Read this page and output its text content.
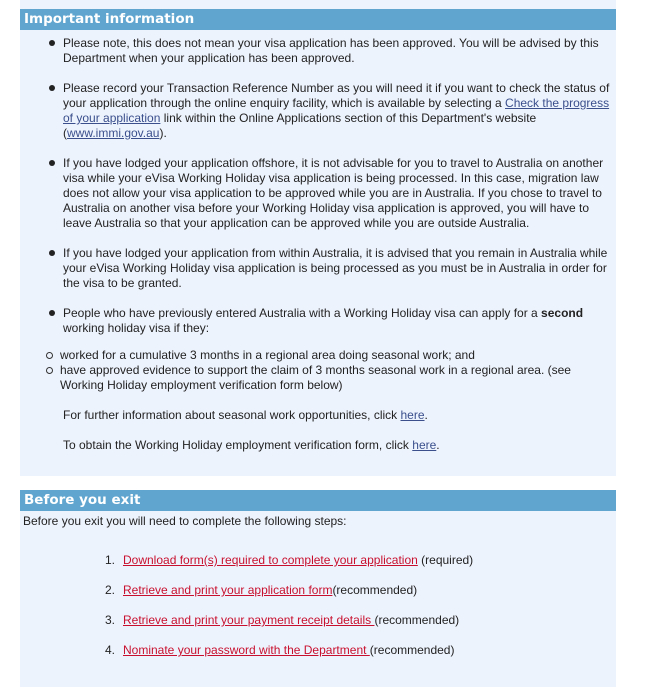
Important information
Please note, this does not mean your visa application has been approved. You will be advised by this Department when your application has been approved.
Please record your Transaction Reference Number as you will need it if you want to check the status of your application through the online enquiry facility, which is available by selecting a Check the progress of your application link within the Online Applications section of this Department's website (www.immi.gov.au).
If you have lodged your application offshore, it is not advisable for you to travel to Australia on another visa while your eVisa Working Holiday visa application is being processed. In this case, migration law does not allow your visa application to be approved while you are in Australia. If you chose to travel to Australia on another visa before your Working Holiday visa application is approved, you will have to leave Australia so that your application can be approved while you are outside Australia.
If you have lodged your application from within Australia, it is advised that you remain in Australia while your eVisa Working Holiday visa application is being processed as you must be in Australia in order for the visa to be granted.
People who have previously entered Australia with a Working Holiday visa can apply for a second working holiday visa if they:
worked for a cumulative 3 months in a regional area doing seasonal work; and
have approved evidence to support the claim of 3 months seasonal work in a regional area. (see Working Holiday employment verification form below)
For further information about seasonal work opportunities, click here.
To obtain the Working Holiday employment verification form, click here.
Before you exit
Before you exit you will need to complete the following steps:
1. Download form(s) required to complete your application (required)
2. Retrieve and print your application form(recommended)
3. Retrieve and print your payment receipt details (recommended)
4. Nominate your password with the Department (recommended)
